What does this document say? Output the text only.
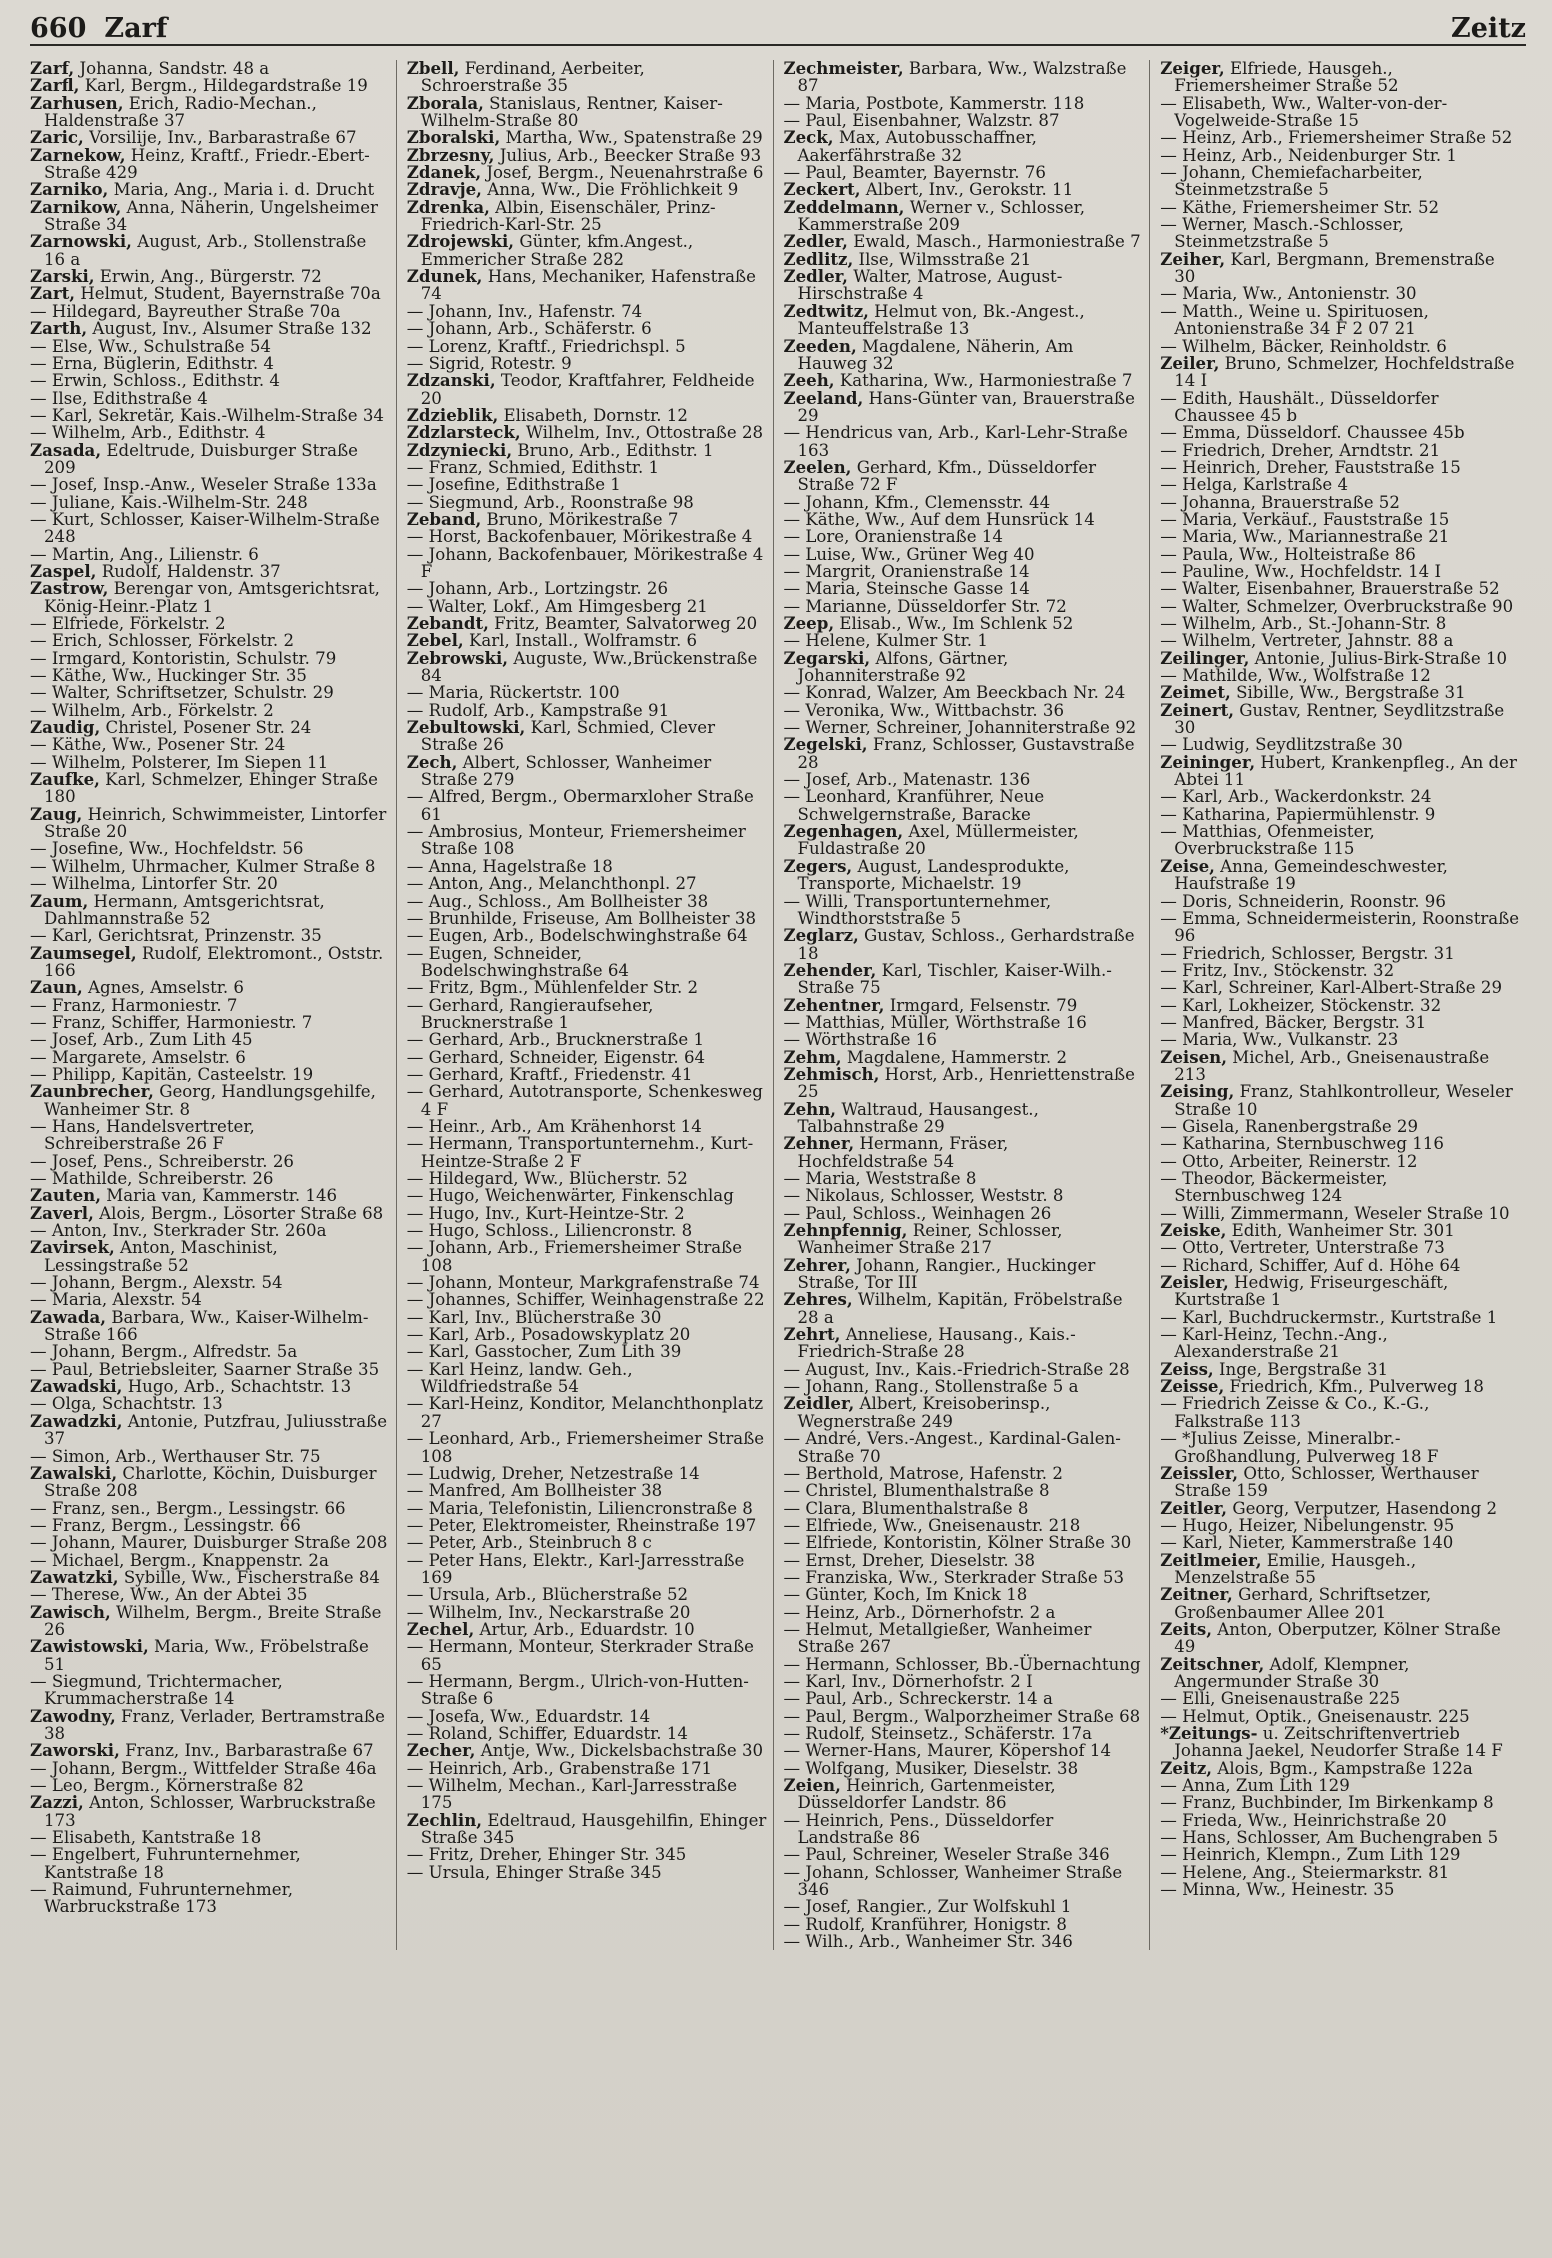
660 Zarf	Zeitz
Zarf, Johanna, Sandstr. 48 a
Zarfl, Karl, Bergm., Hildegardstraße 19
Zarhusen, Erich, Radio-Mechan., Haldenstraße 37
Zaric, Vorsilije, Inv., Barbarastraße 67
Zarnekow, Heinz, Kraftf., Friedr.-Ebert-Straße 429
Zarniko, Maria, Ang., Maria i. d. Drucht
Zarnikow, Anna, Näherin, Ungelsheimer Straße 34
Zarnowski, August, Arb., Stollenstraße 16 a
Zarski, Erwin, Ang., Bürgerstr. 72
Zart, Helmut, Student, Bayernstraße 70a
— Hildegard, Bayreuther Straße 70a
Zarth, August, Inv., Alsumer Straße 132
— Else, Ww., Schulstraße 54
— Erna, Büglerin, Edithstr. 4
— Erwin, Schloss., Edithstr. 4
— Ilse, Edithstraße 4
— Karl, Sekretär, Kais.-Wilhelm-Straße 34
— Wilhelm, Arb., Edithstr. 4
Zasada, Edeltrude, Duisburger Straße 209
— Josef, Insp.-Anw., Weseler Straße 133a
— Juliane, Kais.-Wilhelm-Str. 248
— Kurt, Schlosser, Kaiser-Wilhelm-Straße 248
— Martin, Ang., Lilienstr. 6
Zaspel, Rudolf, Haldenstr. 37
Zastrow, Berengar von, Amtsgerichtsrat, König-Heinr.-Platz 1
— Elfriede, Förkelstr. 2
— Erich, Schlosser, Förkelstr. 2
— Irmgard, Kontoristin, Schulstr. 79
— Käthe, Ww., Huckinger Str. 35
— Walter, Schriftsetzer, Schulstr. 29
— Wilhelm, Arb., Förkelstr. 2
Zaudig, Christel, Posener Str. 24
— Käthe, Ww., Posener Str. 24
— Wilhelm, Polsterer, Im Siepen 11
Zaufke, Karl, Schmelzer, Ehinger Straße 180
Zaug, Heinrich, Schwimmeister, Lintorfer Straße 20
— Josefine, Ww., Hochfeldstr. 56
— Wilhelm, Uhrmacher, Kulmer Straße 8
— Wilhelma, Lintorfer Str. 20
Zaum, Hermann, Amtsgerichtsrat, Dahlmannstraße 52
— Karl, Gerichtsrat, Prinzenstr. 35
Zaumsegel, Rudolf, Elektromont., Oststr. 166
Zaun, Agnes, Amselstr. 6
— Franz, Harmoniestr. 7
— Franz, Schiffer, Harmoniestr. 7
— Josef, Arb., Zum Lith 45
— Margarete, Amselstr. 6
— Philipp, Kapitän, Casteelstr. 19
Zaunbrecher, Georg, Handlungsgehilfe, Wanheimer Str. 8
— Hans, Handelsvertreter, Schreiberstraße 26 F
— Josef, Pens., Schreiberstr. 26
— Mathilde, Schreiberstr. 26
Zauten, Maria van, Kammerstr. 146
Zaverl, Alois, Bergm., Lösorter Straße 68
— Anton, Inv., Sterkrader Str. 260a
Zavirsek, Anton, Maschinist, Lessingstraße 52
— Johann, Bergm., Alexstr. 54
— Maria, Alexstr. 54
Zawada, Barbara, Ww., Kaiser-Wilhelm-Straße 166
— Johann, Bergm., Alfredstr. 5a
— Paul, Betriebsleiter, Saarner Straße 35
Zawadski, Hugo, Arb., Schachtstr. 13
— Olga, Schachtstr. 13
Zawadzki, Antonie, Putzfrau, Juliusstraße 37
— Simon, Arb., Werthauser Str. 75
Zawalski, Charlotte, Köchin, Duisburger Straße 208
— Franz, sen., Bergm., Lessingstr. 66
— Franz, Bergm., Lessingstr. 66
— Johann, Maurer, Duisburger Straße 208
— Michael, Bergm., Knappenstr. 2a
Zawatzki, Sybille, Ww., Fischerstraße 84
— Therese, Ww., An der Abtei 35
Zawisch, Wilhelm, Bergm., Breite Straße 26
Zawistowski, Maria, Ww., Fröbelstraße 51
— Siegmund, Trichtermacher, Krummacherstraße 14
Zawodny, Franz, Verlader, Bertramstraße 38
Zaworski, Franz, Inv., Barbarastraße 67
— Johann, Bergm., Wittfelder Straße 46a
— Leo, Bergm., Körnerstraße 82
Zazzi, Anton, Schlosser, Warbruckstraße 173
— Elisabeth, Kantstraße 18
— Engelbert, Fuhrunternehmer, Kantstraße 18
— Raimund, Fuhrunternehmer, Warbruckstraße 173
Zbell, Ferdinand, Aerbeiter, Schroerstraße 35
Zborala, Stanislaus, Rentner, Kaiser-Wilhelm-Straße 80
Zboralski, Martha, Ww., Spatenstraße 29
Zbrzesny, Julius, Arb., Beecker Straße 93
Zdanek, Josef, Bergm., Neuenahrstraße 6
Zdravje, Anna, Ww., Die Fröhlichkeit 9
Zdrenka, Albin, Eisenschäler, Prinz-Friedrich-Karl-Str. 25
Zdrojewski, Günter, kfm.Angest., Emmericher Straße 282
Zdunek, Hans, Mechaniker, Hafenstraße 74
— Johann, Inv., Hafenstr. 74
— Johann, Arb., Schäferstr. 6
— Lorenz, Kraftf., Friedrichspl. 5
— Sigrid, Rotestr. 9
Zdzanski, Teodor, Kraftfahrer, Feldheide 20
Zdzieblik, Elisabeth, Dornstr. 12
Zdzlarsteck, Wilhelm, Inv., Ottostraße 28
Zdzyniecki, Bruno, Arb., Edithstr. 1
— Franz, Schmied, Edithstr. 1
— Josefine, Edithstraße 1
— Siegmund, Arb., Roonstraße 98
Zeband, Bruno, Mörikestraße 7
— Horst, Backofenbauer, Mörikestraße 4
— Johann, Backofenbauer, Mörikestraße 4 F
— Johann, Arb., Lortzingstr. 26
— Walter, Lokf., Am Himgesberg 21
Zebandt, Fritz, Beamter, Salvatorweg 20
Zebel, Karl, Install., Wolframstr. 6
Zebrowski, Auguste, Ww.,Brückenstraße 84
— Maria, Rückertstr. 100
— Rudolf, Arb., Kampstraße 91
Zebultowski, Karl, Schmied, Clever Straße 26
Zech, Albert, Schlosser, Wanheimer Straße 279
— Alfred, Bergm., Obermarxloher Straße 61
— Ambrosius, Monteur, Friemersheimer Straße 108
— Anna, Hagelstraße 18
— Anton, Ang., Melanchthonpl. 27
— Aug., Schloss., Am Bollheister 38
— Brunhilde, Friseuse, Am Bollheister 38
— Eugen, Arb., Bodelschwinghstraße 64
— Eugen, Schneider, Bodelschwinghstraße 64
— Fritz, Bgm., Mühlenfelder Str. 2
— Gerhard, Rangieraufseher, Brucknerstraße 1
— Gerhard, Arb., Brucknerstraße 1
— Gerhard, Schneider, Eigenstr. 64
— Gerhard, Kraftf., Friedenstr. 41
— Gerhard, Autotransporte, Schenkesweg 4 F
— Heinr., Arb., Am Krähenhorst 14
— Hermann, Transportunternehm., Kurt-Heintze-Straße 2 F
— Hildegard, Ww., Blücherstr. 52
— Hugo, Weichenwärter, Finkenschlag
— Hugo, Inv., Kurt-Heintze-Str. 2
— Hugo, Schloss., Liliencronstr. 8
— Johann, Arb., Friemersheimer Straße 108
— Johann, Monteur, Markgrafenstraße 74
— Johannes, Schiffer, Weinhagenstraße 22
— Karl, Inv., Blücherstraße 30
— Karl, Arb., Posadowskyplatz 20
— Karl, Gasstocher, Zum Lith 39
— Karl Heinz, landw. Geh., Wildfriedstraße 54
— Karl-Heinz, Konditor, Melanchthonplatz 27
— Leonhard, Arb., Friemersheimer Straße 108
— Ludwig, Dreher, Netzestraße 14
— Manfred, Am Bollheister 38
— Maria, Telefonistin, Liliencronstraße 8
— Peter, Elektromeister, Rheinstraße 197
— Peter, Arb., Steinbruch 8 c
— Peter Hans, Elektr., Karl-Jarresstraße 169
— Ursula, Arb., Blücherstraße 52
— Wilhelm, Inv., Neckarstraße 20
Zechel, Artur, Arb., Eduardstr. 10
— Hermann, Monteur, Sterkrader Straße 65
— Hermann, Bergm., Ulrich-von-Hutten-Straße 6
— Josefa, Ww., Eduardstr. 14
— Roland, Schiffer, Eduardstr. 14
Zecher, Antje, Ww., Dickelsbachstraße 30
— Heinrich, Arb., Grabenstraße 171
— Wilhelm, Mechan., Karl-Jarresstraße 175
Zechlin, Edeltraud, Hausgehilfin, Ehinger Straße 345
— Fritz, Dreher, Ehinger Str. 345
— Ursula, Ehinger Straße 345
Zechmeister, Barbara, Ww., Walzstraße 87
— Maria, Postbote, Kammerstr. 118
— Paul, Eisenbahner, Walzstr. 87
Zeck, Max, Autobusschaffner, Aakerfährstraße 32
— Paul, Beamter, Bayernstr. 76
Zeckert, Albert, Inv., Gerokstr. 11
Zeddelmann, Werner v., Schlosser, Kammerstraße 209
Zedler, Ewald, Masch., Harmoniestraße 7
Zedlitz, Ilse, Wilmsstraße 21
Zedler, Walter, Matrose, August-Hirschstraße 4
Zedtwitz, Helmut von, Bk.-Angest., Manteuffelstraße 13
Zeeden, Magdalene, Näherin, Am Hauweg 32
Zeeh, Katharina, Ww., Harmoniestraße 7
Zeeland, Hans-Günter van, Brauerstraße 29
— Hendricus van, Arb., Karl-Lehr-Straße 163
Zeelen, Gerhard, Kfm., Düsseldorfer Straße 72 F
— Johann, Kfm., Clemensstr. 44
— Käthe, Ww., Auf dem Hunsrück 14
— Lore, Oranienstraße 14
— Luise, Ww., Grüner Weg 40
— Margrit, Oranienstraße 14
— Maria, Steinsche Gasse 14
— Marianne, Düsseldorfer Str. 72
Zeep, Elisab., Ww., Im Schlenk 52
— Helene, Kulmer Str. 1
Zegarski, Alfons, Gärtner, Johanniterstraße 92
— Konrad, Walzer, Am Beeckbach Nr. 24
— Veronika, Ww., Wittbachstr. 36
— Werner, Schreiner, Johanniterstraße 92
Zegelski, Franz, Schlosser, Gustavstraße 28
— Josef, Arb., Matenastr. 136
— Leonhard, Kranführer, Neue Schwelgernstraße, Baracke
Zegenhagen, Axel, Müllermeister, Fuldastraße 20
Zegers, August, Landesprodukte, Transporte, Michaelstr. 19
— Willi, Transportunternehmer, Windthorststraße 5
Zeglarz, Gustav, Schloss., Gerhardstraße 18
Zehender, Karl, Tischler, Kaiser-Wilh.-Straße 75
Zehentner, Irmgard, Felsenstr. 79
— Matthias, Müller, Wörthstraße 16
— Wörthstraße 16
Zehm, Magdalene, Hammerstr. 2
Zehmisch, Horst, Arb., Henriettenstraße 25
Zehn, Waltraud, Hausangest., Talbahnstraße 29
Zehner, Hermann, Fräser, Hochfeldstraße 54
— Maria, Weststraße 8
— Nikolaus, Schlosser, Weststr. 8
— Paul, Schloss., Weinhagen 26
Zehnpfennig, Reiner, Schlosser, Wanheimer Straße 217
Zehrer, Johann, Rangier., Huckinger Straße, Tor III
Zehres, Wilhelm, Kapitän, Fröbelstraße 28 a
Zehrt, Anneliese, Hausang., Kais.-Friedrich-Straße 28
— August, Inv., Kais.-Friedrich-Straße 28
— Johann, Rang., Stollenstraße 5 a
Zeidler, Albert, Kreisoberinsp., Wegnerstraße 249
— André, Vers.-Angest., Kardinal-Galen-Straße 70
— Berthold, Matrose, Hafenstr. 2
— Christel, Blumenthalstraße 8
— Clara, Blumenthalstraße 8
— Elfriede, Ww., Gneisenaustr. 218
— Elfriede, Kontoristin, Kölner Straße 30
— Ernst, Dreher, Dieselstr. 38
— Franziska, Ww., Sterkrader Straße 53
— Günter, Koch, Im Knick 18
— Heinz, Arb., Dörnerhofstr. 2 a
— Helmut, Metallgießer, Wanheimer Straße 267
— Hermann, Schlosser, Bb.-Übernachtung
— Karl, Inv., Dörnerhofstr. 2 I
— Paul, Arb., Schreckerstr. 14 a
— Paul, Bergm., Walporzheimer Straße 68
— Rudolf, Steinsetz., Schäferstr. 17a
— Werner-Hans, Maurer, Köpershof 14
— Wolfgang, Musiker, Dieselstr. 38
Zeien, Heinrich, Gartenmeister, Düsseldorfer Landstr. 86
— Heinrich, Pens., Düsseldorfer Landstraße 86
— Paul, Schreiner, Weseler Straße 346
— Johann, Schlosser, Wanheimer Straße 346
— Josef, Rangier., Zur Wolfskuhl 1
— Rudolf, Kranführer, Honigstr. 8
— Wilh., Arb., Wanheimer Str. 346
Zeiger, Elfriede, Hausgeh., Friemersheimer Straße 52
— Elisabeth, Ww., Walter-von-der-Vogelweide-Straße 15
— Heinz, Arb., Friemersheimer Straße 52
— Heinz, Arb., Neidenburger Str. 1
— Johann, Chemiefacharbeiter, Steinmetzstraße 5
— Käthe, Friemersheimer Str. 52
— Werner, Masch.-Schlosser, Steinmetzstraße 5
Zeiher, Karl, Bergmann, Bremenstraße 30
— Maria, Ww., Antonienstr. 30
— Matth., Weine u. Spirituosen, Antonienstraße 34 F 2 07 21
— Wilhelm, Bäcker, Reinholdstr. 6
Zeiler, Bruno, Schmelzer, Hochfeldstraße 14 I
— Edith, Haushält., Düsseldorfer Chaussee 45 b
— Emma, Düsseldorf. Chaussee 45b
— Friedrich, Dreher, Arndtstr. 21
— Heinrich, Dreher, Fauststraße 15
— Helga, Karlstraße 4
— Johanna, Brauerstraße 52
— Maria, Verkäuf., Fauststraße 15
— Maria, Ww., Mariannestraße 21
— Paula, Ww., Holteistraße 86
— Pauline, Ww., Hochfeldstr. 14 I
— Walter, Eisenbahner, Brauerstraße 52
— Walter, Schmelzer, Overbruckstraße 90
— Wilhelm, Arb., St.-Johann-Str. 8
— Wilhelm, Vertreter, Jahnstr. 88 a
Zeilinger, Antonie, Julius-Birk-Straße 10
— Mathilde, Ww., Wolfstraße 12
Zeimet, Sibille, Ww., Bergstraße 31
Zeinert, Gustav, Rentner, Seydlitzstraße 30
— Ludwig, Seydlitzstraße 30
Zeininger, Hubert, Krankenpfleg., An der Abtei 11
— Karl, Arb., Wackerdonkstr. 24
— Katharina, Papiermühlenstr. 9
— Matthias, Ofenmeister, Overbruckstraße 115
Zeise, Anna, Gemeindeschwester, Haufstraße 19
— Doris, Schneiderin, Roonstr. 96
— Emma, Schneidermeisterin, Roonstraße 96
— Friedrich, Schlosser, Bergstr. 31
— Fritz, Inv., Stöckenstr. 32
— Karl, Schreiner, Karl-Albert-Straße 29
— Karl, Lokheizer, Stöckenstr. 32
— Manfred, Bäcker, Bergstr. 31
— Maria, Ww., Vulkanstr. 23
Zeisen, Michel, Arb., Gneisenaustraße 213
Zeising, Franz, Stahlkontrolleur, Weseler Straße 10
— Gisela, Ranenbergstraße 29
— Katharina, Sternbuschweg 116
— Otto, Arbeiter, Reinerstr. 12
— Theodor, Bäckermeister, Sternbuschweg 124
— Willi, Zimmermann, Weseler Straße 10
Zeiske, Edith, Wanheimer Str. 301
— Otto, Vertreter, Unterstraße 73
— Richard, Schiffer, Auf d. Höhe 64
Zeisler, Hedwig, Friseurgeschäft, Kurtstraße 1
— Karl, Buchdruckermstr., Kurtstraße 1
— Karl-Heinz, Techn.-Ang., Alexanderstraße 21
Zeiss, Inge, Bergstraße 31
Zeisse, Friedrich, Kfm., Pulverweg 18
— Friedrich Zeisse & Co., K.-G., Falkstraße 113
— *Julius Zeisse, Mineralbr.-Großhandlung, Pulverweg 18 F
Zeissler, Otto, Schlosser, Werthauser Straße 159
Zeitler, Georg, Verputzer, Hasendong 2
— Hugo, Heizer, Nibelungenstr. 95
— Karl, Nieter, Kammerstraße 140
Zeitlmeier, Emilie, Hausgeh., Menzelstraße 55
Zeitner, Gerhard, Schriftsetzer, Großenbaumer Allee 201
Zeits, Anton, Oberputzer, Kölner Straße 49
Zeitschner, Adolf, Klempner, Angermunder Straße 30
— Elli, Gneisenaustraße 225
— Helmut, Optik., Gneisenaustr. 225
*Zeitungs- u. Zeitschriftenvertrieb Johanna Jaekel, Neudorfer Straße 14 F
Zeitz, Alois, Bgm., Kampstraße 122a
— Anna, Zum Lith 129
— Franz, Buchbinder, Im Birkenkamp 8
— Frieda, Ww., Heinrichstraße 20
— Hans, Schlosser, Am Buchengraben 5
— Heinrich, Klempn., Zum Lith 129
— Helene, Ang., Steiermarkstr. 81
— Minna, Ww., Heinestr. 35
